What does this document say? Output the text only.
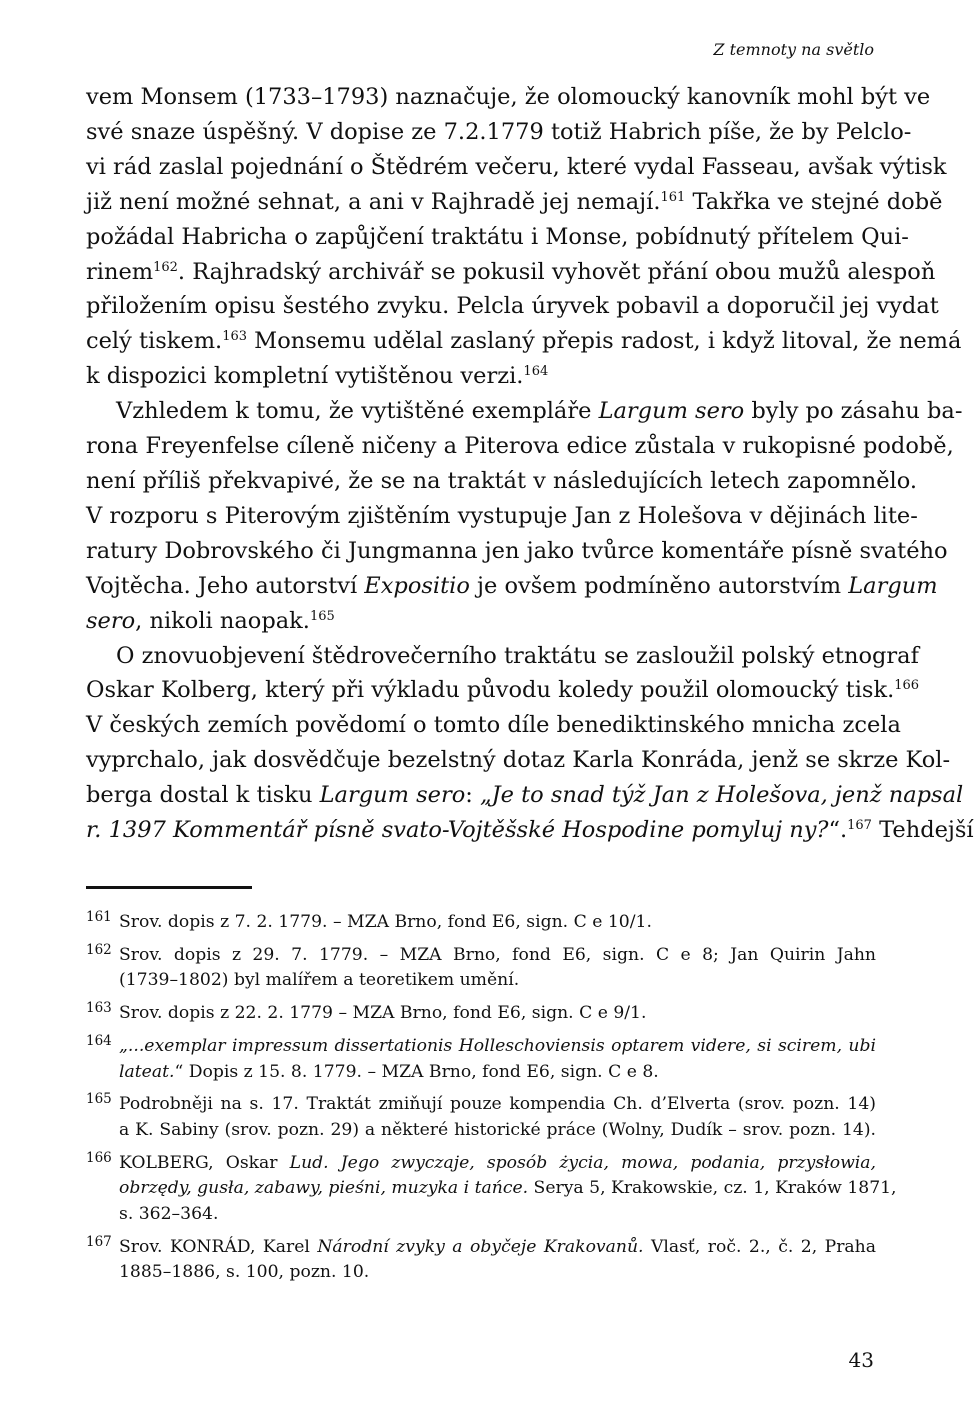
Z temnoty na světlo

vem Monsem (1733–1793) naznačuje, že olomoucký kanovník mohl být ve
své snaze úspěšný. V dopise ze 7.2.1779 totiž Habrich píše, že by Pelclo-
vi rád zaslal pojednání o Štědrém večeru, které vydal Fasseau, avšak výtisk
již není možné sehnat, a ani v Rajhradě jej nemají.$^{161}$ Takřka ve stejné době
požádal Habricha o zapůjčení traktátu i Monse, pobídnutý přítelem Qui-
rinem$^{162}$. Rajhradský archivář se pokusil vyhovět přání obou mužů alespoň
přiložením opisu šestého zvyku. Pelcla úryvek pobavil a doporučil jej vydat
celý tiskem.$^{163}$ Monsemu udělal zaslaný přepis radost, i když litoval, že nemá
k dispozici kompletní vytištěnou verzi.$^{164}$

Vzhledem k tomu, že vytištěné exempláře Largum sero byly po zásahu ba-
rona Freyenfelse cíleně ničeny a Piterova edice zůstala v rukopisné podobě,
není příliš překvapivé, že se na traktát v následujících letech zapomnělo.
V rozporu s Piterovým zjištěním vystupuje Jan z Holešova v dějinách lite-
ratury Dobrovského či Jungmanna jen jako tvůrce komentáře písně svatého
Vojtěcha. Jeho autorství Expositio je ovšem podmíněno autorstvím Largum
sero, nikoli naopak.$^{165}$

O znovuobjevení štědrovečerního traktátu se zasloužil polský etnograf
Oskar Kolberg, který při výkladu původu koledy použil olomoucký tisk.$^{166}$
V českých zemích povědomí o tomto díle benediktinského mnicha zcela
vyprchalo, jak dosvědčuje bezelstný dotaz Karla Konráda, jenž se skrze Kol-
berga dostal k tisku Largum sero: „Je to snad týž Jan z Holešova, jenž napsal
r. 1397 Kommentář písně svato-Vojtěšské Hospodine pomyluj ny?“.$^{167}$ Tehdejší

161 Srov. dopis z 7. 2. 1779. – MZA Brno, fond E6, sign. C e 10/1.
162 Srov. dopis z 29. 7. 1779. – MZA Brno, fond E6, sign. C e 8; Jan Quirin Jahn
(1739–1802) byl malířem a teoretikem umění.
163 Srov. dopis z 22. 2. 1779 – MZA Brno, fond E6, sign. C e 9/1.
164 „...exemplar impressum dissertationis Holleschoviensis optarem videre, si scirem, ubi
lateat.“ Dopis z 15. 8. 1779. – MZA Brno, fond E6, sign. C e 8.
165 Podrobněji na s. 17. Traktát zmiňují pouze kompendia Ch. d’Elverta (srov. pozn. 14)
a K. Sabiny (srov. pozn. 29) a některé historické práce (Wolny, Dudík – srov. pozn. 14).
166 KOLBERG, Oskar Lud. Jego zwyczaje, sposób życia, mowa, podania, przysłowia,
obrzędy, gusła, zabawy, pieśni, muzyka i tańce. Serya 5, Krakowskie, cz. 1, Kraków 1871,
s. 362–364.
167 Srov. KONRÁD, Karel Národní zvyky a obyčeje Krakovanů. Vlasť, roč. 2., č. 2, Praha
1885–1886, s. 100, pozn. 10.
43
